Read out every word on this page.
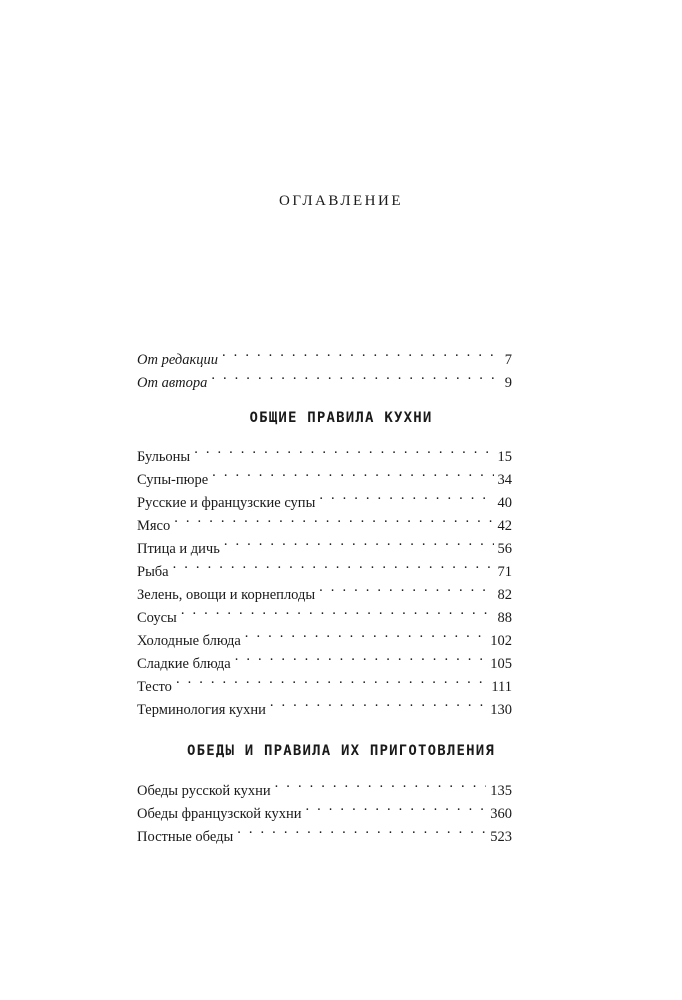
ОГЛАВЛЕНИЕ
От редакции . . .	7
От автора . . .	9
ОБЩИЕ ПРАВИЛА КУХНИ
Бульоны . . .	15
Супы-пюре . . .	34
Русские и французские супы . . .	40
Мясо . . .	42
Птица и дичь . . .	56
Рыба . . .	71
Зелень, овощи и корнеплоды . . .	82
Соусы . . .	88
Холодные блюда . . .	102
Сладкие блюда . . .	105
Тесто . . .	111
Терминология кухни . . .	130
ОБЕДЫ И ПРАВИЛА ИХ ПРИГОТОВЛЕНИЯ
Обеды русской кухни . . .	135
Обеды французской кухни . . .	360
Постные обеды . . .	523
